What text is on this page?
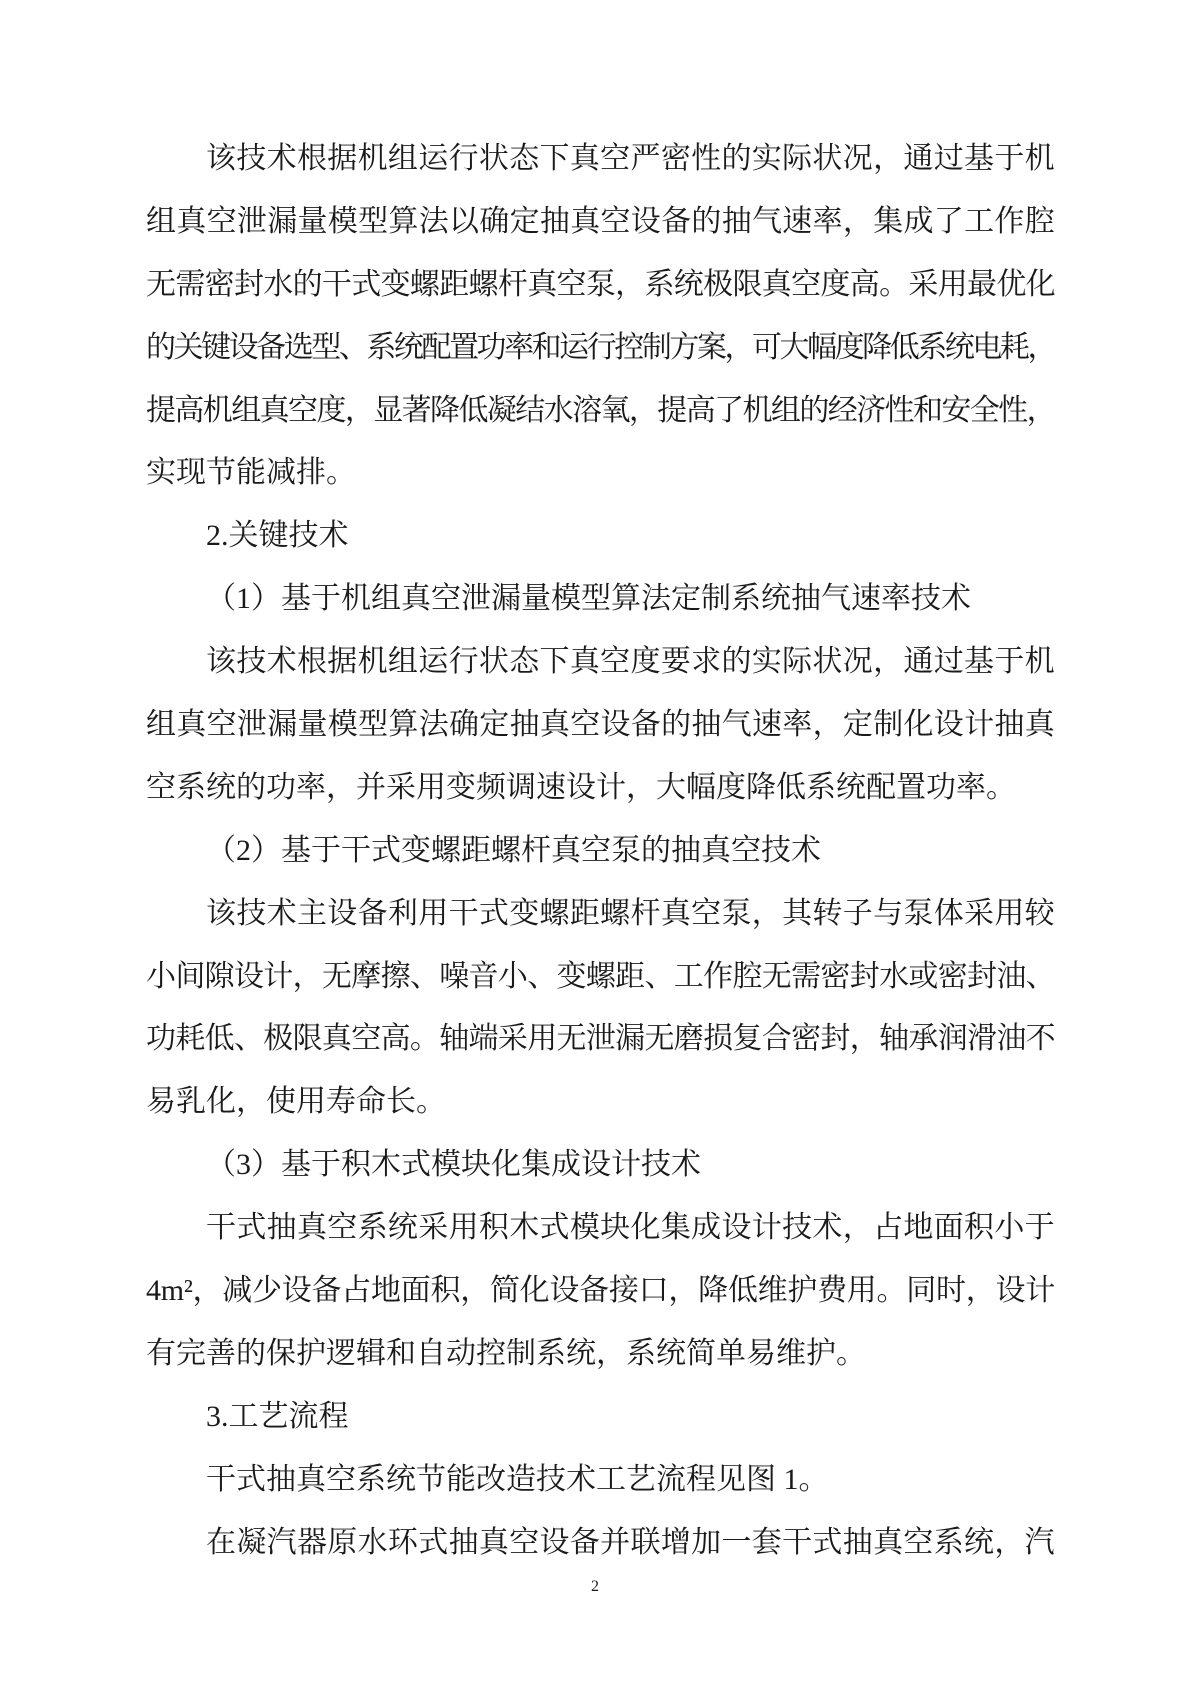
该技术根据机组运行状态下真空严密性的实际状况，通过基于机
组真空泄漏量模型算法以确定抽真空设备的抽气速率，集成了工作腔
无需密封水的干式变螺距螺杆真空泵，系统极限真空度高。采用最优化
的关键设备选型、系统配置功率和运行控制方案，可大幅度降低系统电耗，
提高机组真空度，显著降低凝结水溶氧，提高了机组的经济性和安全性，
实现节能减排。
2.关键技术
（1）基于机组真空泄漏量模型算法定制系统抽气速率技术
该技术根据机组运行状态下真空度要求的实际状况，通过基于机
组真空泄漏量模型算法确定抽真空设备的抽气速率，定制化设计抽真
空系统的功率，并采用变频调速设计，大幅度降低系统配置功率。
（2）基于干式变螺距螺杆真空泵的抽真空技术
该技术主设备利用干式变螺距螺杆真空泵，其转子与泵体采用较
小间隙设计，无摩擦、噪音小、变螺距、工作腔无需密封水或密封油、
功耗低、极限真空高。轴端采用无泄漏无磨损复合密封，轴承润滑油不
易乳化，使用寿命长。
（3）基于积木式模块化集成设计技术
干式抽真空系统采用积木式模块化集成设计技术，占地面积小于
4m²，减少设备占地面积，简化设备接口，降低维护费用。同时，设计
有完善的保护逻辑和自动控制系统，系统简单易维护。
3.工艺流程
干式抽真空系统节能改造技术工艺流程见图 1。
在凝汽器原水环式抽真空设备并联增加一套干式抽真空系统，汽
2
